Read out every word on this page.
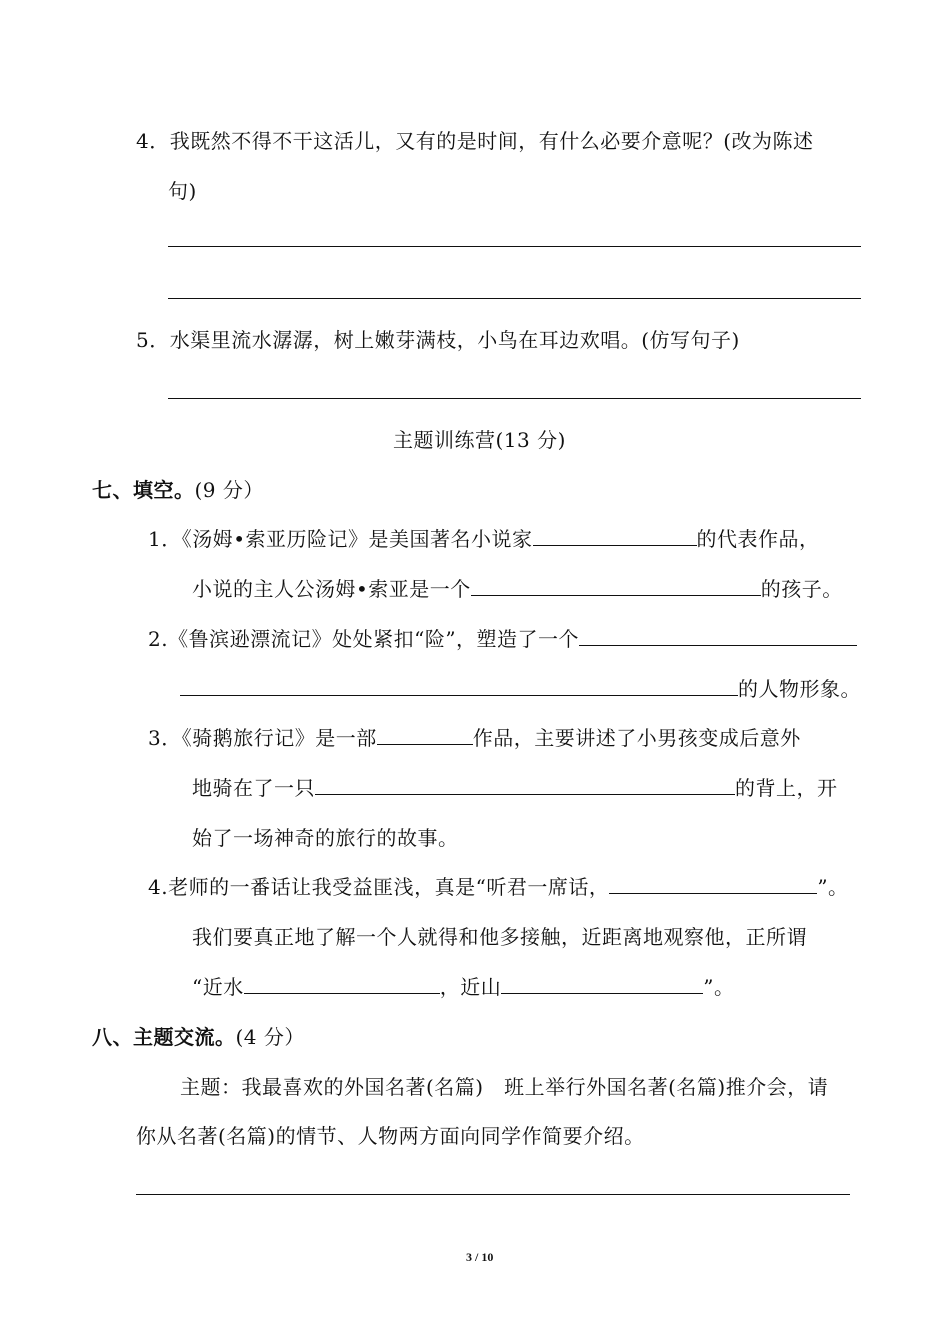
4．我既然不得不干这活儿，又有的是时间，有什么必要介意呢？(改为陈述
句)
5．水渠里流水潺潺，树上嫩芽满枝，小鸟在耳边欢唱。(仿写句子)
主题训练营(13 分)
七、填空。(9 分）
1．《汤姆•索亚历险记》是美国著名小说家	的代表作品，
小说的主人公汤姆•索亚是一个	的孩子。
2.《鲁滨逊漂流记》处处紧扣“险”，塑造了一个
的人物形象。
3．《骑鹅旅行记》是一部	作品，主要讲述了小男孩变成后意外
地骑在了一只	的背上，开
始了一场神奇的旅行的故事。
4.老师的一番话让我受益匪浅，真是“听君一席话，	”。
我们要真正地了解一个人就得和他多接触，近距离地观察他，正所谓
“近水	，近山	”。
八、主题交流。(4 分）
主题：我最喜欢的外国名著(名篇)　班上举行外国名著(名篇)推介会，请
你从名著(名篇)的情节、人物两方面向同学作简要介绍。
3 / 10
